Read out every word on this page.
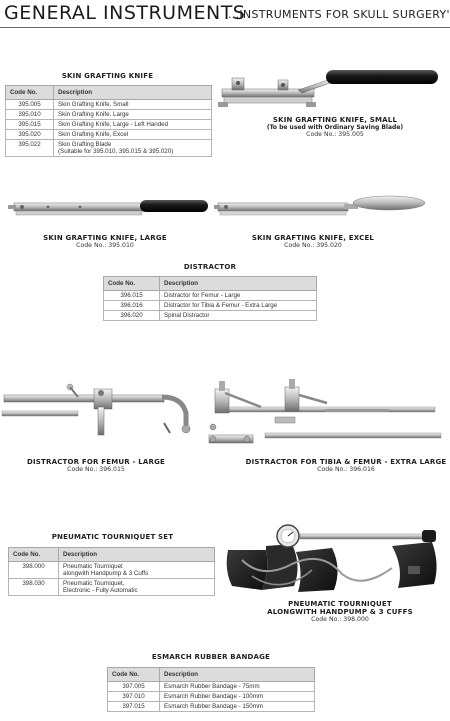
GENERAL INSTRUMENTS
...INSTRUMENTS FOR SKULL SURGERY'
SKIN GRAFTING KNIFE
Code No.	Description
395.005	Skin Grafting Knife, Small
395.010	Skin Grafting Knife, Large
395.015	Skin Grafting Knife, Large - Left Handed
395.020	Skin Grafting Knife, Excel
395.022	Skin Grafting Blade
(Suitable for 395.010, 395.015 & 395.020)
SKIN GRAFTING KNIFE, SMALL
(To be used with Ordinary Saving Blade)
Code No.: 395.005
SKIN GRAFTING KNIFE, LARGE
Code No.: 395.010
SKIN GRAFTING KNIFE, EXCEL
Code No.: 395.020
DISTRACTOR
Code No.	Description
396.015	Distractor for Femur - Large
396.016	Distractor for Tibia & Femur - Extra Large
396.020	Spinal Distractor
DISTRACTOR FOR FEMUR - LARGE
Code No.: 396.015
DISTRACTOR FOR TIBIA & FEMUR - EXTRA LARGE
Code No.: 396.016
PNEUMATIC TOURNIQUET SET
Code No.	Description
398.000	Pneumatic Tourniquet
alongwith Handpump & 3 Cuffs

398.030	Pneumatic Tourniquet,
Electronic - Fully Automatic
PNEUMATIC TOURNIQUET
ALONGWITH HANDPUMP & 3 CUFFS
Code No.: 398.000
ESMARCH RUBBER BANDAGE
Code No.	Description
397.005	Esmarch Rubber Bandage - 75mm
397.010	Esmarch Rubber Bandage - 100mm
397.015	Esmarch Rubber Bandage - 150mm
